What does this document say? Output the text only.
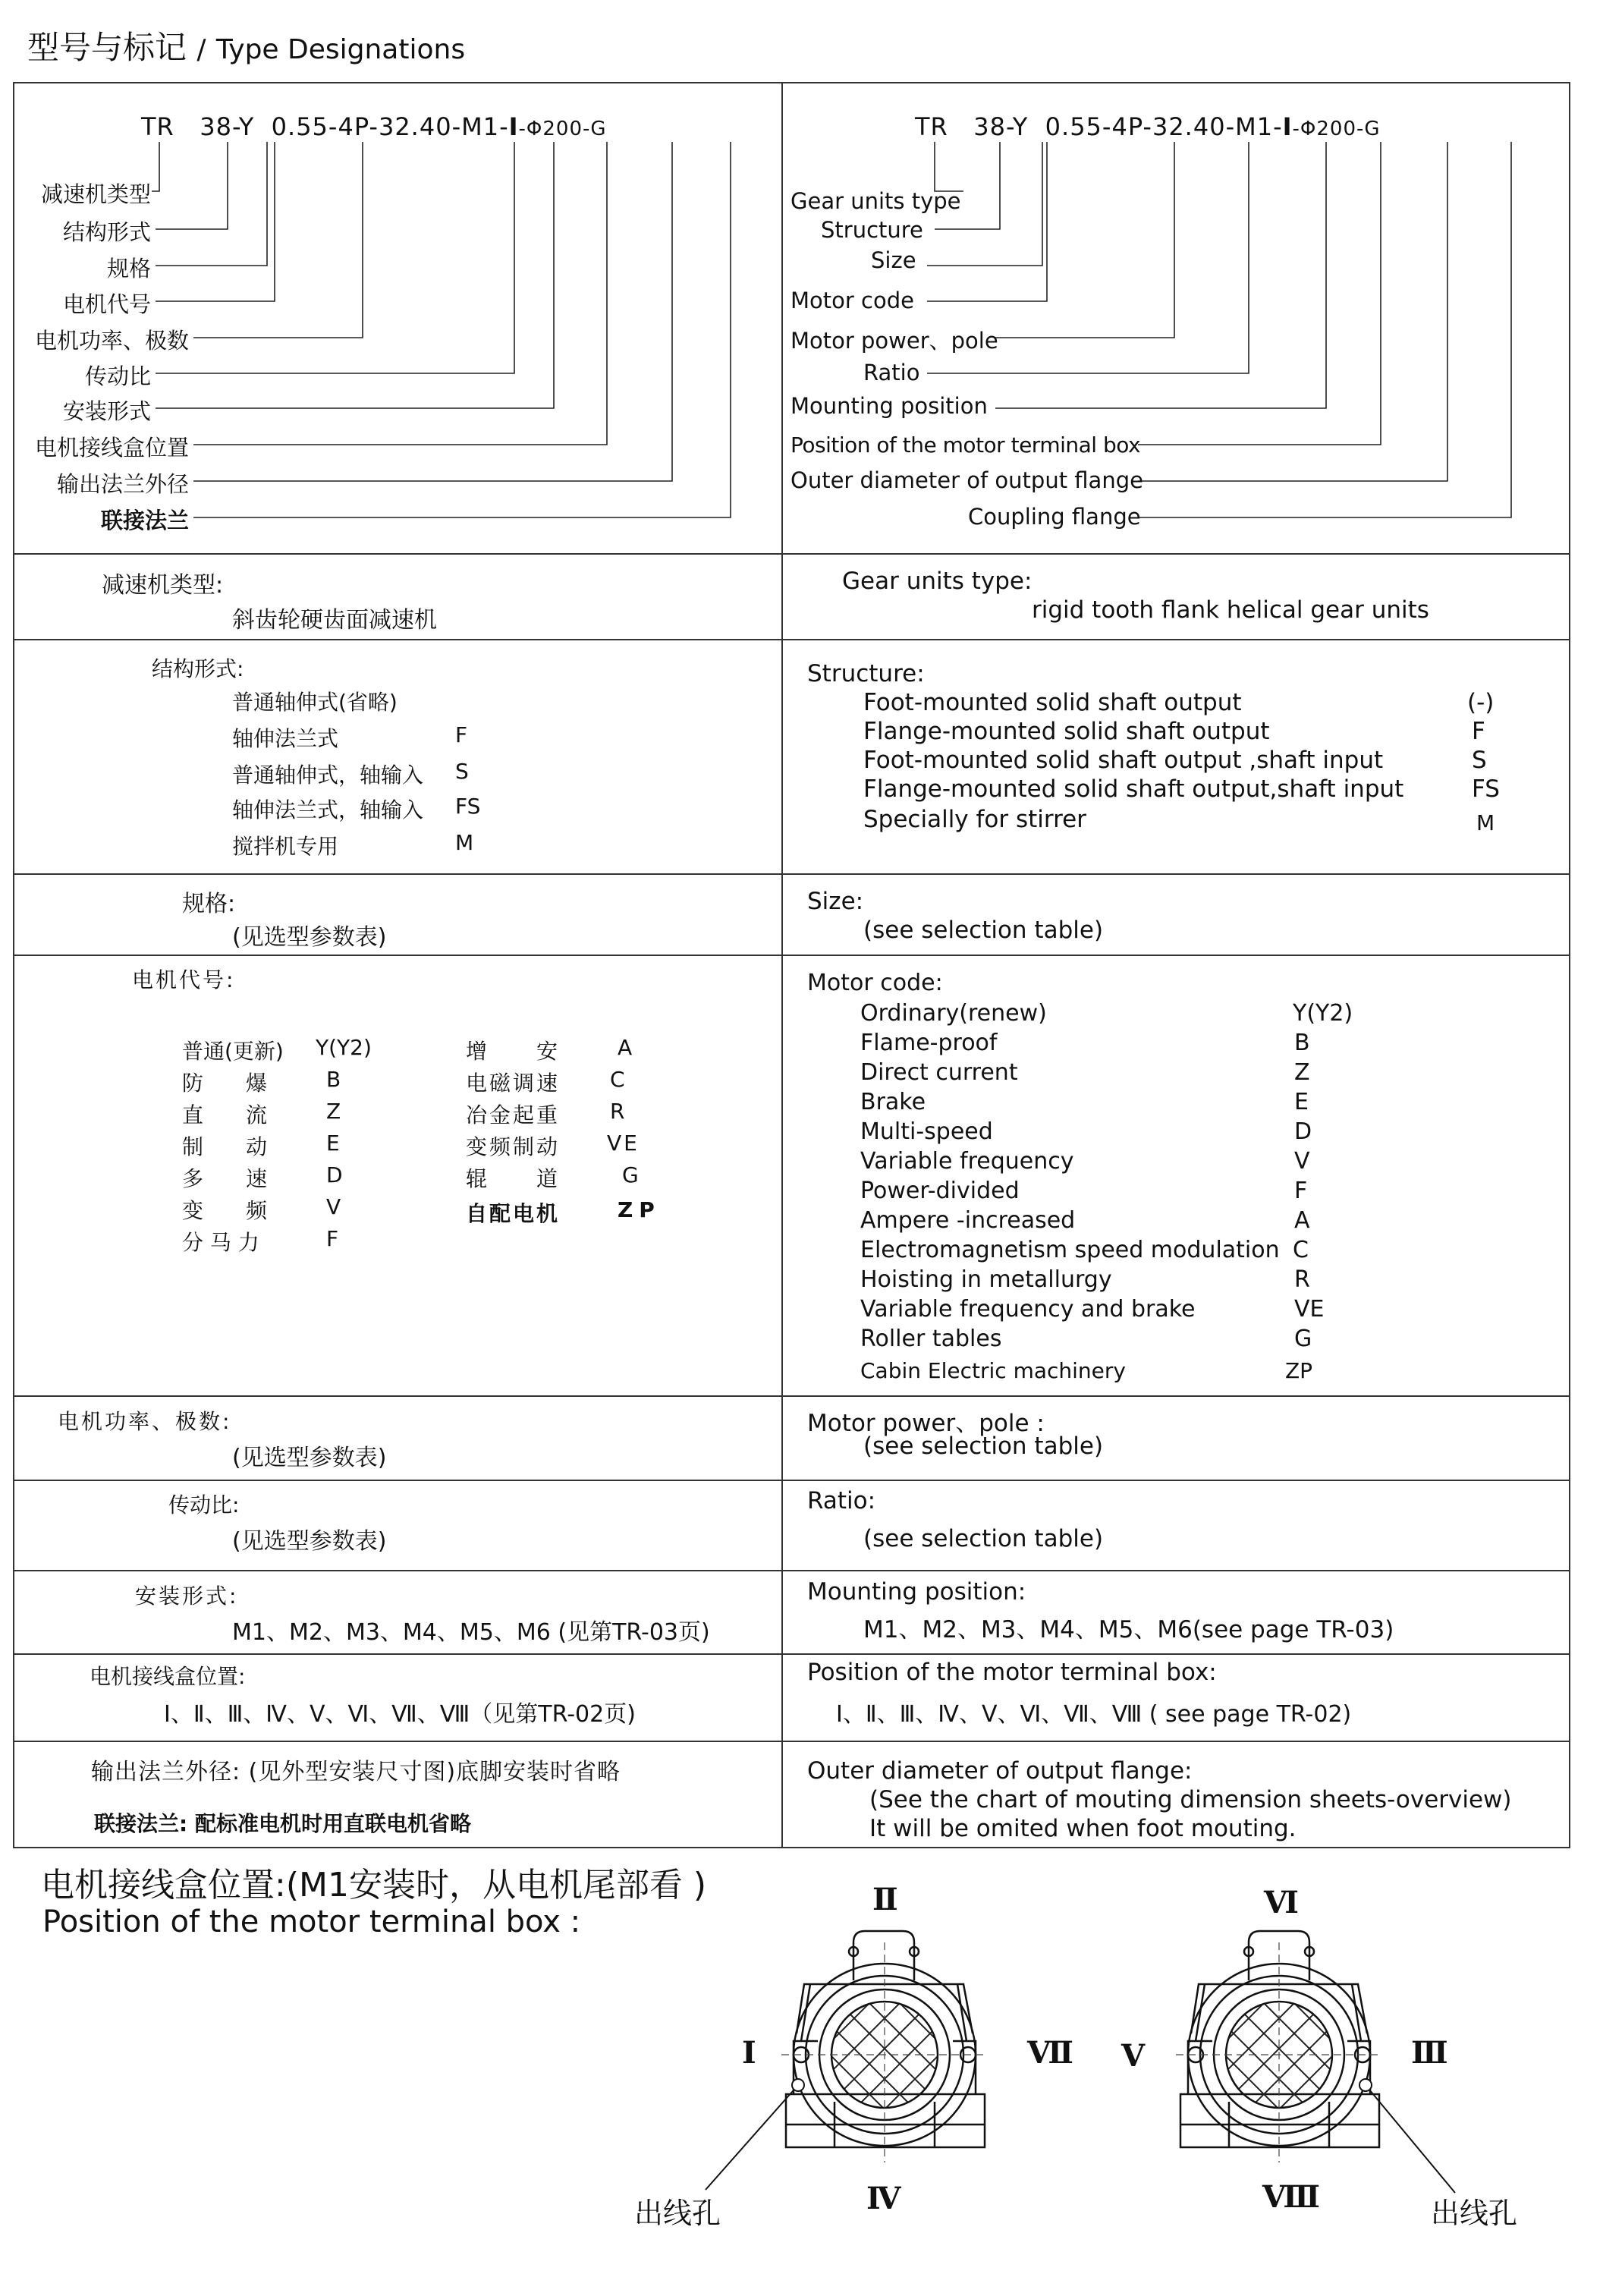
型号与标记 / Type Designations
TR 38-Y 0.55-4P-32.40-M1-I-Φ200-G	TR 38-Y 0.55-4P-32.40-M1-I-Φ200-G
减速机类型
结构形式
规格
电机代号
电机功率、极数
传动比
安装形式
电机接线盒位置
输出法兰外径
联接法兰
Gear units type
Structure
Size
Motor code
Motor power、pole
Ratio
Mounting position
Position of the motor terminal box
Outer diameter of output flange
Coupling flange
减速机类型:
斜齿轮硬齿面减速机
Gear units type:
rigid tooth flank helical gear units
结构形式:
普通轴伸式(省略)
轴伸法兰式	F
普通轴伸式，轴输入 S
轴伸法兰式，轴输入 FS
搅拌机专用	M
Structure:
Foot-mounted solid shaft output	(-)
Flange-mounted solid shaft output	F
Foot-mounted solid shaft output ,shaft input	S
Flange-mounted solid shaft output,shaft input	FS
Specially for stirrer	M
规格:
(见选型参数表)
Size:
(see selection table)
电机代号:
普通(更新) Y(Y2)
防　　爆	B
直　　流	Z
制　　动	E
多　　速	D
变　　频	V
分 马 力	F
增　　安	A
电磁调速 C
冶金起重 R
变频制动 VE
辊　　道	G
自配电机	ZP
Motor code:
Ordinary(renew)	Y(Y2)
Flame-proof	B
Direct current	Z
Brake	E
Multi-speed	D
Variable frequency	V
Power-divided	F
Ampere -increased	A
Electromagnetism speed modulation C
Hoisting in metallurgy	R
Variable frequency and brake	VE
Roller tables	G
Cabin Electric machinery	ZP
电机功率、极数:
(见选型参数表)
Motor power、pole :
(see selection table)
传动比:
(见选型参数表)
Ratio:
(see selection table)
安装形式:
M1、M2、M3、M4、M5、M6 (见第TR-03页)
Mounting position:
M1、M2、M3、M4、M5、M6(see page TR-03)
电机接线盒位置:
Ⅰ、Ⅱ、Ⅲ、Ⅳ、Ⅴ、Ⅵ、Ⅶ、Ⅷ（见第TR-02页)
Position of the motor terminal box:
Ⅰ、Ⅱ、Ⅲ、Ⅳ、Ⅴ、Ⅵ、Ⅶ、Ⅷ ( see page TR-02)
输出法兰外径: (见外型安装尺寸图)底脚安装时省略
联接法兰: 配标准电机时用直联电机省略
Outer diameter of output flange:
(See the chart of mouting dimension sheets-overview)
It will be omited when foot mouting.
电机接线盒位置:(M1安装时，从电机尾部看 )
Position of the motor terminal box :
Ⅱ
Ⅰ	Ⅶ
Ⅳ
出线孔
Ⅵ
Ⅴ	Ⅲ
Ⅷ	出线孔
